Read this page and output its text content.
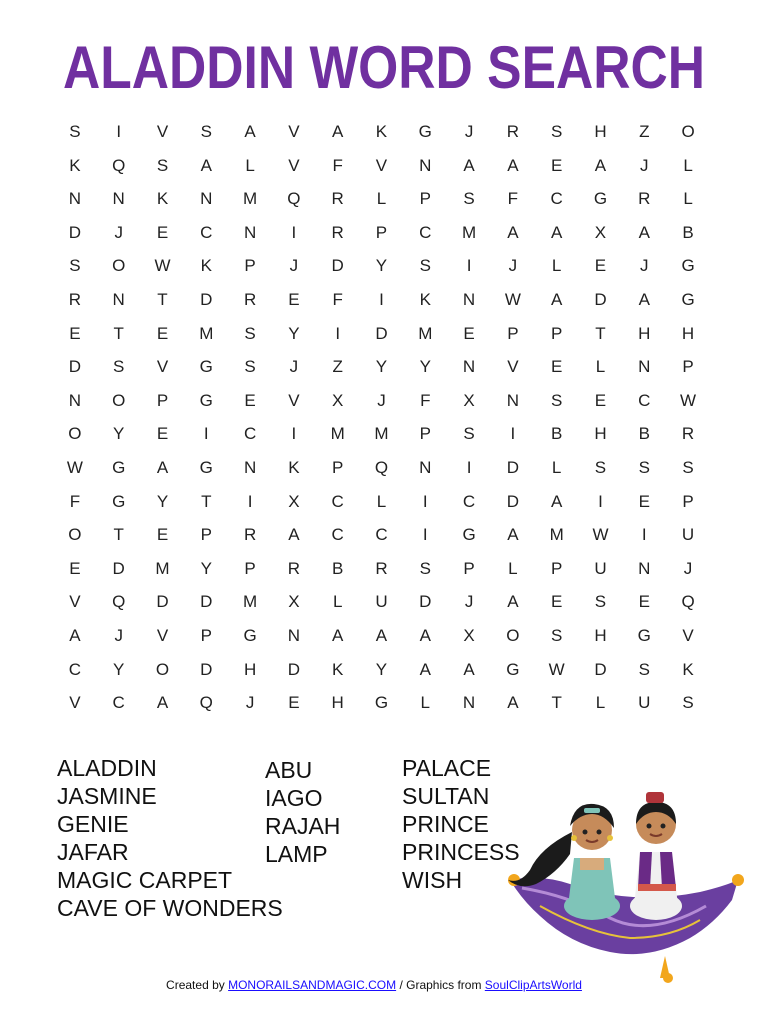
ALADDIN WORD SEARCH
S	I	V	S	A	V	A	K	G	J	R	S	H	Z	O
K	Q	S	A	L	V	F	V	N	A	A	E	A	J	L
N	N	K	N	M	Q	R	L	P	S	F	C	G	R	L
D	J	E	C	N	I	R	P	C	M	A	A	X	A	B
S	O	W	K	P	J	D	Y	S	I	J	L	E	J	G
R	N	T	D	R	E	F	I	K	N	W	A	D	A	G
E	T	E	M	S	Y	I	D	M	E	P	P	T	H	H
D	S	V	G	S	J	Z	Y	Y	N	V	E	L	N	P
N	O	P	G	E	V	X	J	F	X	N	S	E	C	W
O	Y	E	I	C	I	M	M	P	S	I	B	H	B	R
W	G	A	G	N	K	P	Q	N	I	D	L	S	S	S
F	G	Y	T	I	X	C	L	I	C	D	A	I	E	P
O	T	E	P	R	A	C	C	I	G	A	M	W	I	U
E	D	M	Y	P	R	B	R	S	P	L	P	U	N	J
V	Q	D	D	M	X	L	U	D	J	A	E	S	E	Q
A	J	V	P	G	N	A	A	A	X	O	S	H	G	V
C	Y	O	D	H	D	K	Y	A	A	G	W	D	S	K
V	C	A	Q	J	E	H	G	L	N	A	T	L	U	S
ALADDIN
JASMINE
GENIE
JAFAR
MAGIC CARPET
CAVE OF WONDERS
ABU
IAGO
RAJAH
LAMP
PALACE
SULTAN
PRINCE
PRINCESS
WISH
Created by MONORAILSANDMAGIC.COM / Graphics from SoulClipArtsWorld
